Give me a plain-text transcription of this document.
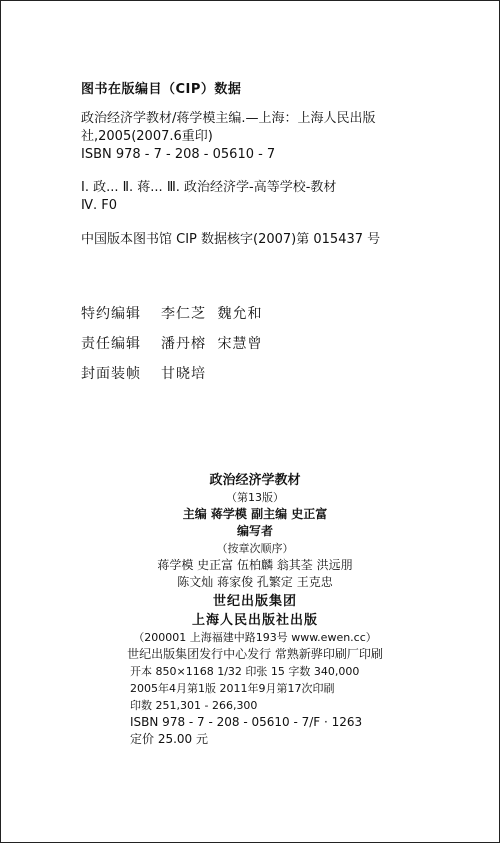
图书在版编目（CIP）数据

政治经济学教材/蒋学模主编.—上海：上海人民出版

社,2005(2007.6重印)

ISBN 978 - 7 - 208 - 05610 - 7

Ⅰ. 政... Ⅱ. 蒋... Ⅲ. 政治经济学-高等学校-教材

Ⅳ. F0

中国版本图书馆 CIP 数据核字(2007)第 015437 号

特约编辑	李仁芝 魏允和
责任编辑	潘丹榕 宋慧曾
封面装帧	甘晓培
政治经济学教材
（第13版）
主编 蒋学模 副主编 史正富
编写者
（按章次顺序）
蒋学模 史正富 伍柏麟 翁其荃 洪远朋
陈文灿 蒋家俊 孔繁定 王克忠
世纪出版集团
上海人民出版社出版
（200001 上海福建中路193号 www.ewen.cc）
世纪出版集团发行中心发行 常熟新骅印刷厂印刷
开本 850×1168 1/32 印张 15 字数 340,000
2005年4月第1版 2011年9月第17次印刷
印数 251,301 - 266,300
ISBN 978 - 7 - 208 - 05610 - 7/F · 1263
定价 25.00 元
